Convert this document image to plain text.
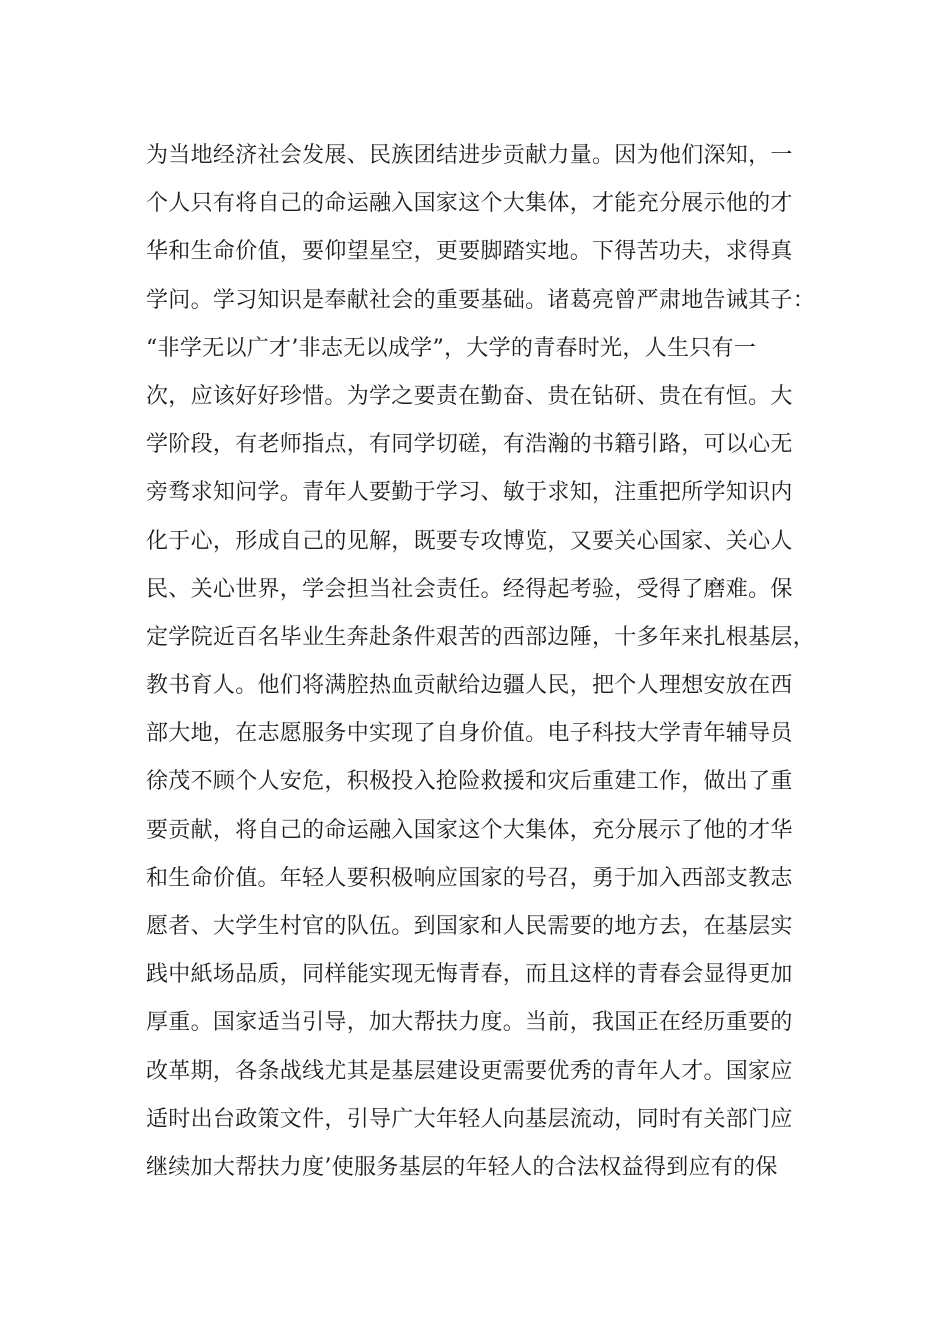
为当地经济社会发展、民族团结进步贡献力量。因为他们深知，一
个人只有将自己的命运融入国家这个大集体，才能充分展示他的才
华和生命价值，要仰望星空，更要脚踏实地。下得苦功夫，求得真
学问。学习知识是奉献社会的重要基础。诸葛亮曾严肃地告诫其子：
“非学无以广才’非志无以成学”，大学的青春时光，人生只有一
次，应该好好珍惜。为学之要责在勤奋、贵在钻研、贵在有恒。大
学阶段，有老师指点，有同学切磋，有浩瀚的书籍引路，可以心无
旁骛求知问学。青年人要勤于学习、敏于求知，注重把所学知识内
化于心，形成自己的见解，既要专攻博览，又要关心国家、关心人
民、关心世界，学会担当社会责任。经得起考验，受得了磨难。保
定学院近百名毕业生奔赴条件艰苦的西部边陲，十多年来扎根基层，
教书育人。他们将满腔热血贡献给边疆人民，把个人理想安放在西
部大地，在志愿服务中实现了自身价值。电子科技大学青年辅导员
徐茂不顾个人安危，积极投入抢险救援和灾后重建工作，做出了重
要贡献，将自己的命运融入国家这个大集体，充分展示了他的才华
和生命价值。年轻人要积极响应国家的号召，勇于加入西部支教志
愿者、大学生村官的队伍。到国家和人民需要的地方去，在基层实
践中紙场品质，同样能实现无悔青春，而且这样的青春会显得更加
厚重。国家适当引导，加大帮扶力度。当前，我国正在经历重要的
改革期，各条战线尤其是基层建设更需要优秀的青年人才。国家应
适时出台政策文件，引导广大年轻人向基层流动，同时有关部门应
继续加大帮扶力度’使服务基层的年轻人的合法权益得到应有的保
